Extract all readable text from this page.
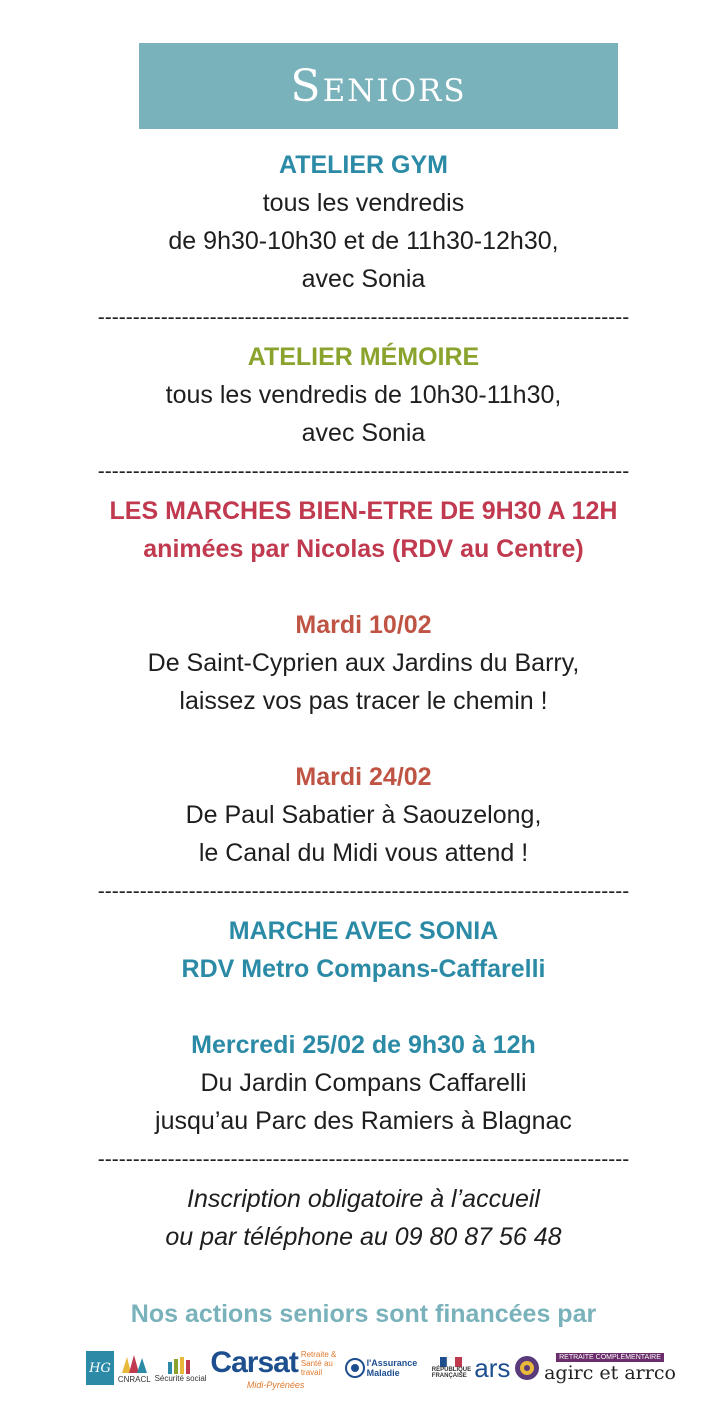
Seniors
ATELIER GYM
tous les vendredis
de 9h30-10h30 et de 11h30-12h30,
avec Sonia
----------------------------------------------------------------------------
ATELIER MÉMOIRE
tous les vendredis de 10h30-11h30,
avec Sonia
----------------------------------------------------------------------------
LES MARCHES BIEN-ETRE DE 9H30 A 12H
animées par Nicolas (RDV au Centre)
Mardi 10/02
De Saint-Cyprien aux Jardins du Barry,
laissez vos pas tracer le chemin !
Mardi 24/02
De Paul Sabatier à Saouzelong,
le Canal du Midi vous attend !
----------------------------------------------------------------------------
MARCHE AVEC SONIA
RDV Metro Compans-Caffarelli
Mercredi 25/02 de 9h30 à 12h
Du Jardin Compans Caffarelli
jusqu’au Parc des Ramiers à Blagnac
----------------------------------------------------------------------------
Inscription obligatoire à l’accueil
ou par téléphone au 09 80 87 56 48
Nos actions seniors sont financées par
HG
CNRACL Sécurité social Carsat Retraite & Santé au travail
Midi-Pyrénées
l'Assurance Maladie	RÉPUBLIQUE FRANÇAISE ars	RETRAITE COMPLÉMENTAIRE
agirc et arrco
